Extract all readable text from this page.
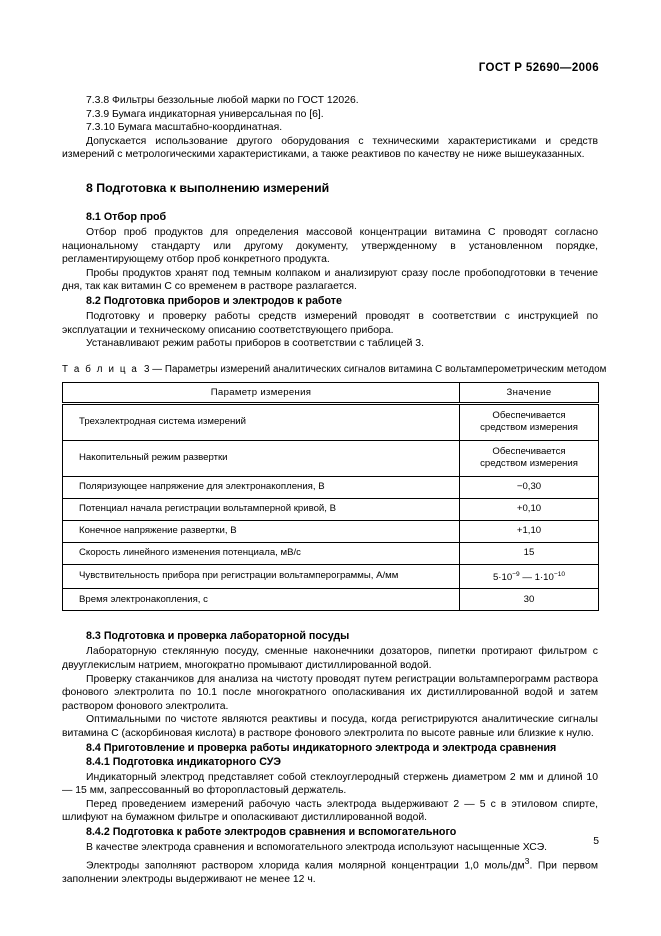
ГОСТ Р 52690—2006

7.3.8 Фильтры беззольные любой марки по ГОСТ 12026.

7.3.9 Бумага индикаторная универсальная по [6].

7.3.10 Бумага масштабно-координатная.

Допускается использование другого оборудования с техническими характеристиками и средств измерений с метрологическими характеристиками, а также реактивов по качеству не ниже вышеуказанных.

8 Подготовка к выполнению измерений
8.1 Отбор проб

Отбор проб продуктов для определения массовой концентрации витамина С проводят согласно национальному стандарту или другому документу, утвержденному в установленном порядке, регламентирующему отбор проб конкретного продукта.

Пробы продуктов хранят под темным колпаком и анализируют сразу после пробоподготовки в течение дня, так как витамин С со временем в растворе разлагается.

8.2 Подготовка приборов и электродов к работе

Подготовку и проверку работы средств измерений проводят в соответствии с инструкцией по эксплуатации и техническому описанию соответствующего прибора.

Устанавливают режим работы приборов в соответствии с таблицей 3.

Т а б л и ц а 3 — Параметры измерений аналитических сигналов витамина С вольтамперометрическим методом

Параметр измерения	Значение
Трехэлектродная система измерений	Обеспечивается
средством измерения
Накопительный режим развертки	Обеспечивается
средством измерения
Поляризующее напряжение для электронакопления, В	−0,30
Потенциал начала регистрации вольтамперной кривой, В	+0,10
Конечное напряжение развертки, В	+1,10
Скорость линейного изменения потенциала, мВ/с	15
Чувствительность прибора при регистрации вольтамперограммы, А/мм	$5\cdot 10^{-9}$ — $1\cdot 10^{-10}$
Время электронакопления, с	30
8.3 Подготовка и проверка лабораторной посуды

Лабораторную стеклянную посуду, сменные наконечники дозаторов, пипетки протирают фильтром с двууглекислым натрием, многократно промывают дистиллированной водой.

Проверку стаканчиков для анализа на чистоту проводят путем регистрации вольтамперограмм раствора фонового электролита по 10.1 после многократного ополаскивания их дистиллированной водой и затем раствором фонового электролита.

Оптимальными по чистоте являются реактивы и посуда, когда регистрируются аналитические сигналы витамина С (аскорбиновая кислота) в растворе фонового электролита по высоте равные или близкие к нулю.

8.4 Приготовление и проверка работы индикаторного электрода и электрода сравнения
8.4.1 Подготовка индикаторного СУЭ

Индикаторный электрод представляет собой стеклоуглеродный стержень диаметром 2 мм и длиной 10 — 15 мм, запрессованный во фторопластовый держатель.

Перед проведением измерений рабочую часть электрода выдерживают 2 — 5 с в этиловом спирте, шлифуют на бумажном фильтре и ополаскивают дистиллированной водой.

8.4.2 Подготовка к работе электродов сравнения и вспомогательного

В качестве электрода сравнения и вспомогательного электрода используют насыщенные ХСЭ.

Электроды заполняют раствором хлорида калия молярной концентрации 1,0 моль/$дм^3$. При первом заполнении электроды выдерживают не менее 12 ч.

5
